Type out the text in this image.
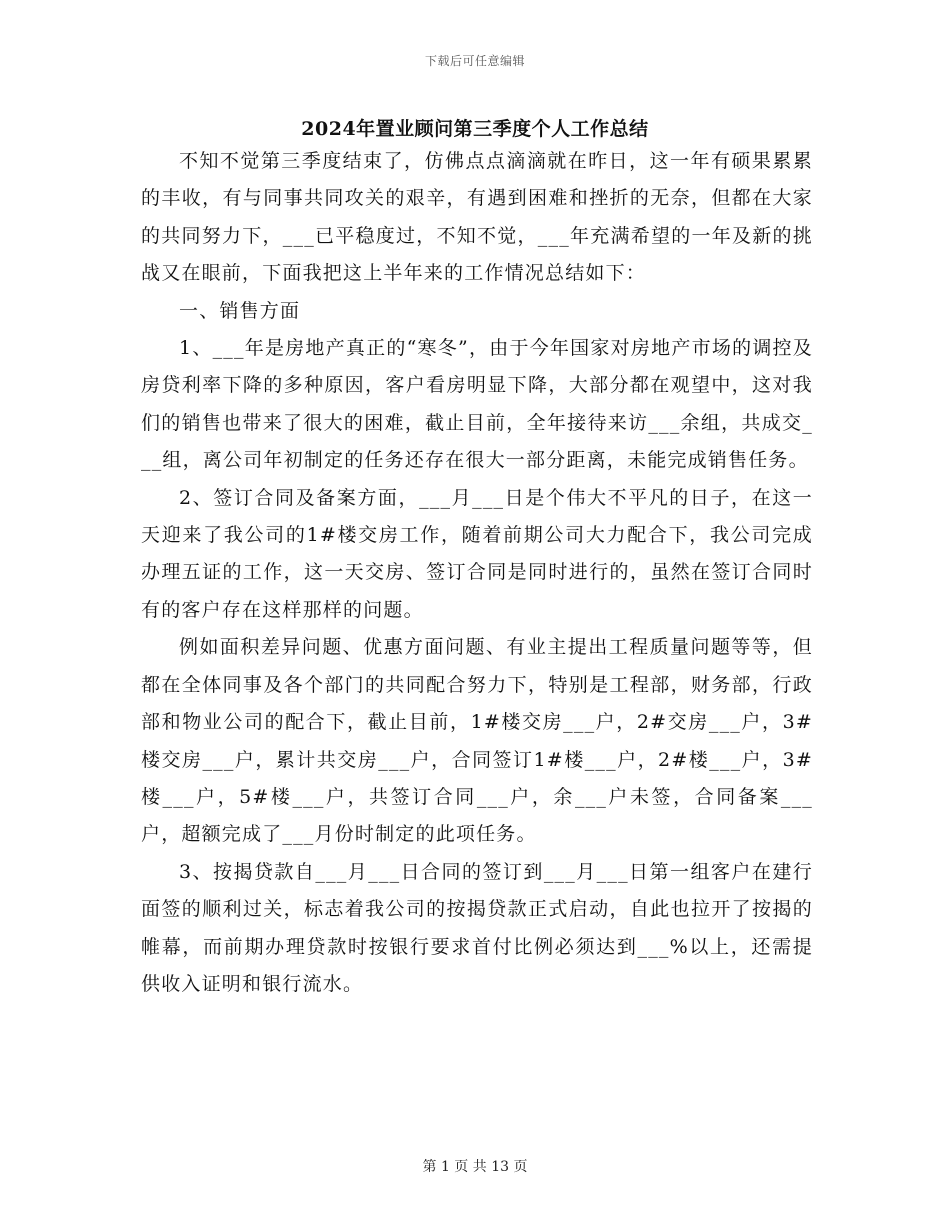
下载后可任意编辑
2024年置业顾问第三季度个人工作总结

不知不觉第三季度结束了，仿佛点点滴滴就在昨日，这一年有硕果累累的丰收，有与同事共同攻关的艰辛，有遇到困难和挫折的无奈，但都在大家的共同努力下，___已平稳度过，不知不觉，___年充满希望的一年及新的挑战又在眼前，下面我把这上半年来的工作情况总结如下：

一、销售方面

1、___年是房地产真正的“寒冬”，由于今年国家对房地产市场的调控及房贷利率下降的多种原因，客户看房明显下降，大部分都在观望中，这对我们的销售也带来了很大的困难，截止目前，全年接待来访___余组，共成交___组，离公司年初制定的任务还存在很大一部分距离，未能完成销售任务。

2、签订合同及备案方面，___月___日是个伟大不平凡的日子，在这一天迎来了我公司的1#楼交房工作，随着前期公司大力配合下，我公司完成办理五证的工作，这一天交房、签订合同是同时进行的，虽然在签订合同时有的客户存在这样那样的问题。

例如面积差异问题、优惠方面问题、有业主提出工程质量问题等等，但都在全体同事及各个部门的共同配合努力下，特别是工程部，财务部，行政部和物业公司的配合下，截止目前，1#楼交房___户，2#交房___户，3#楼交房___户，累计共交房___户，合同签订1#楼___户，2#楼___户，3#楼___户，5#楼___户，共签订合同___户，余___户未签，合同备案___户，超额完成了___月份时制定的此项任务。

3、按揭贷款自___月___日合同的签订到___月___日第一组客户在建行面签的顺利过关，标志着我公司的按揭贷款正式启动，自此也拉开了按揭的帷幕，而前期办理贷款时按银行要求首付比例必须达到___%以上，还需提供收入证明和银行流水。

第 1 页 共 13 页
